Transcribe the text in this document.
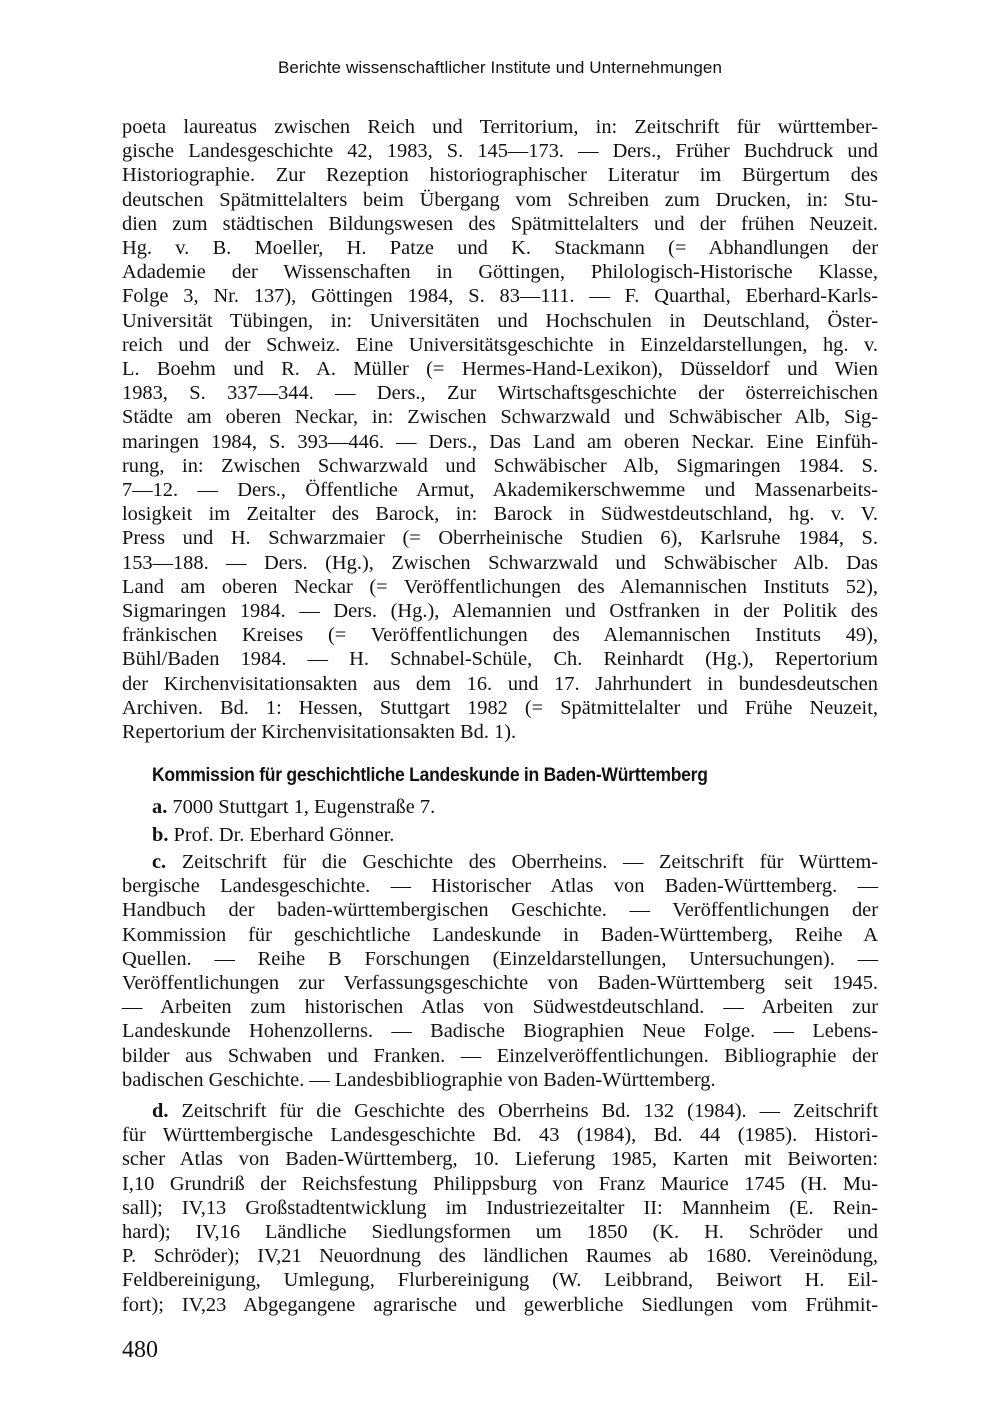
Berichte wissenschaftlicher Institute und Unternehmungen
poeta laureatus zwischen Reich und Territorium, in: Zeitschrift für württember-
gische Landesgeschichte 42, 1983, S. 145—173. — Ders., Früher Buchdruck und
Historiographie. Zur Rezeption historiographischer Literatur im Bürgertum des
deutschen Spätmittelalters beim Übergang vom Schreiben zum Drucken, in: Stu-
dien zum städtischen Bildungswesen des Spätmittelalters und der frühen Neuzeit.
Hg. v. B. Moeller, H. Patze und K. Stackmann (= Abhandlungen der
Adademie der Wissenschaften in Göttingen, Philologisch-Historische Klasse,
Folge 3, Nr. 137), Göttingen 1984, S. 83—111. — F. Quarthal, Eberhard-Karls-
Universität Tübingen, in: Universitäten und Hochschulen in Deutschland, Öster-
reich und der Schweiz. Eine Universitätsgeschichte in Einzeldarstellungen, hg. v.
L. Boehm und R. A. Müller (= Hermes-Hand-Lexikon), Düsseldorf und Wien
1983, S. 337—344. — Ders., Zur Wirtschaftsgeschichte der österreichischen
Städte am oberen Neckar, in: Zwischen Schwarzwald und Schwäbischer Alb, Sig-
maringen 1984, S. 393—446. — Ders., Das Land am oberen Neckar. Eine Einfüh-
rung, in: Zwischen Schwarzwald und Schwäbischer Alb, Sigmaringen 1984. S.
7—12. — Ders., Öffentliche Armut, Akademikerschwemme und Massenarbeits-
losigkeit im Zeitalter des Barock, in: Barock in Südwestdeutschland, hg. v. V.
Press und H. Schwarzmaier (= Oberrheinische Studien 6), Karlsruhe 1984, S.
153—188. — Ders. (Hg.), Zwischen Schwarzwald und Schwäbischer Alb. Das
Land am oberen Neckar (= Veröffentlichungen des Alemannischen Instituts 52),
Sigmaringen 1984. — Ders. (Hg.), Alemannien und Ostfranken in der Politik des
fränkischen Kreises (= Veröffentlichungen des Alemannischen Instituts 49),
Bühl/Baden 1984. — H. Schnabel-Schüle, Ch. Reinhardt (Hg.), Repertorium
der Kirchenvisitationsakten aus dem 16. und 17. Jahrhundert in bundesdeutschen
Archiven. Bd. 1: Hessen, Stuttgart 1982 (= Spätmittelalter und Frühe Neuzeit,
Repertorium der Kirchenvisitationsakten Bd. 1).
Kommission für geschichtliche Landeskunde in Baden-Württemberg
a. 7000 Stuttgart 1, Eugenstraße 7.
b. Prof. Dr. Eberhard Gönner.
c. Zeitschrift für die Geschichte des Oberrheins. — Zeitschrift für Württem-
bergische Landesgeschichte. — Historischer Atlas von Baden-Württemberg. —
Handbuch der baden-württembergischen Geschichte. — Veröffentlichungen der
Kommission für geschichtliche Landeskunde in Baden-Württemberg, Reihe A
Quellen. — Reihe B Forschungen (Einzeldarstellungen, Untersuchungen). —
Veröffentlichungen zur Verfassungsgeschichte von Baden-Württemberg seit 1945.
— Arbeiten zum historischen Atlas von Südwestdeutschland. — Arbeiten zur
Landeskunde Hohenzollerns. — Badische Biographien Neue Folge. — Lebens-
bilder aus Schwaben und Franken. — Einzelveröffentlichungen. Bibliographie der
badischen Geschichte. — Landesbibliographie von Baden-Württemberg.
d. Zeitschrift für die Geschichte des Oberrheins Bd. 132 (1984). — Zeitschrift
für Württembergische Landesgeschichte Bd. 43 (1984), Bd. 44 (1985). Histori-
scher Atlas von Baden-Württemberg, 10. Lieferung 1985, Karten mit Beiworten:
I,10 Grundriß der Reichsfestung Philippsburg von Franz Maurice 1745 (H. Mu-
sall); IV,13 Großstadtentwicklung im Industriezeitalter II: Mannheim (E. Rein-
hard); IV,16 Ländliche Siedlungsformen um 1850 (K. H. Schröder und
P. Schröder); IV,21 Neuordnung des ländlichen Raumes ab 1680. Vereinödung,
Feldbereinigung, Umlegung, Flurbereinigung (W. Leibbrand, Beiwort H. Eil-
fort); IV,23 Abgegangene agrarische und gewerbliche Siedlungen vom Frühmit-
480
